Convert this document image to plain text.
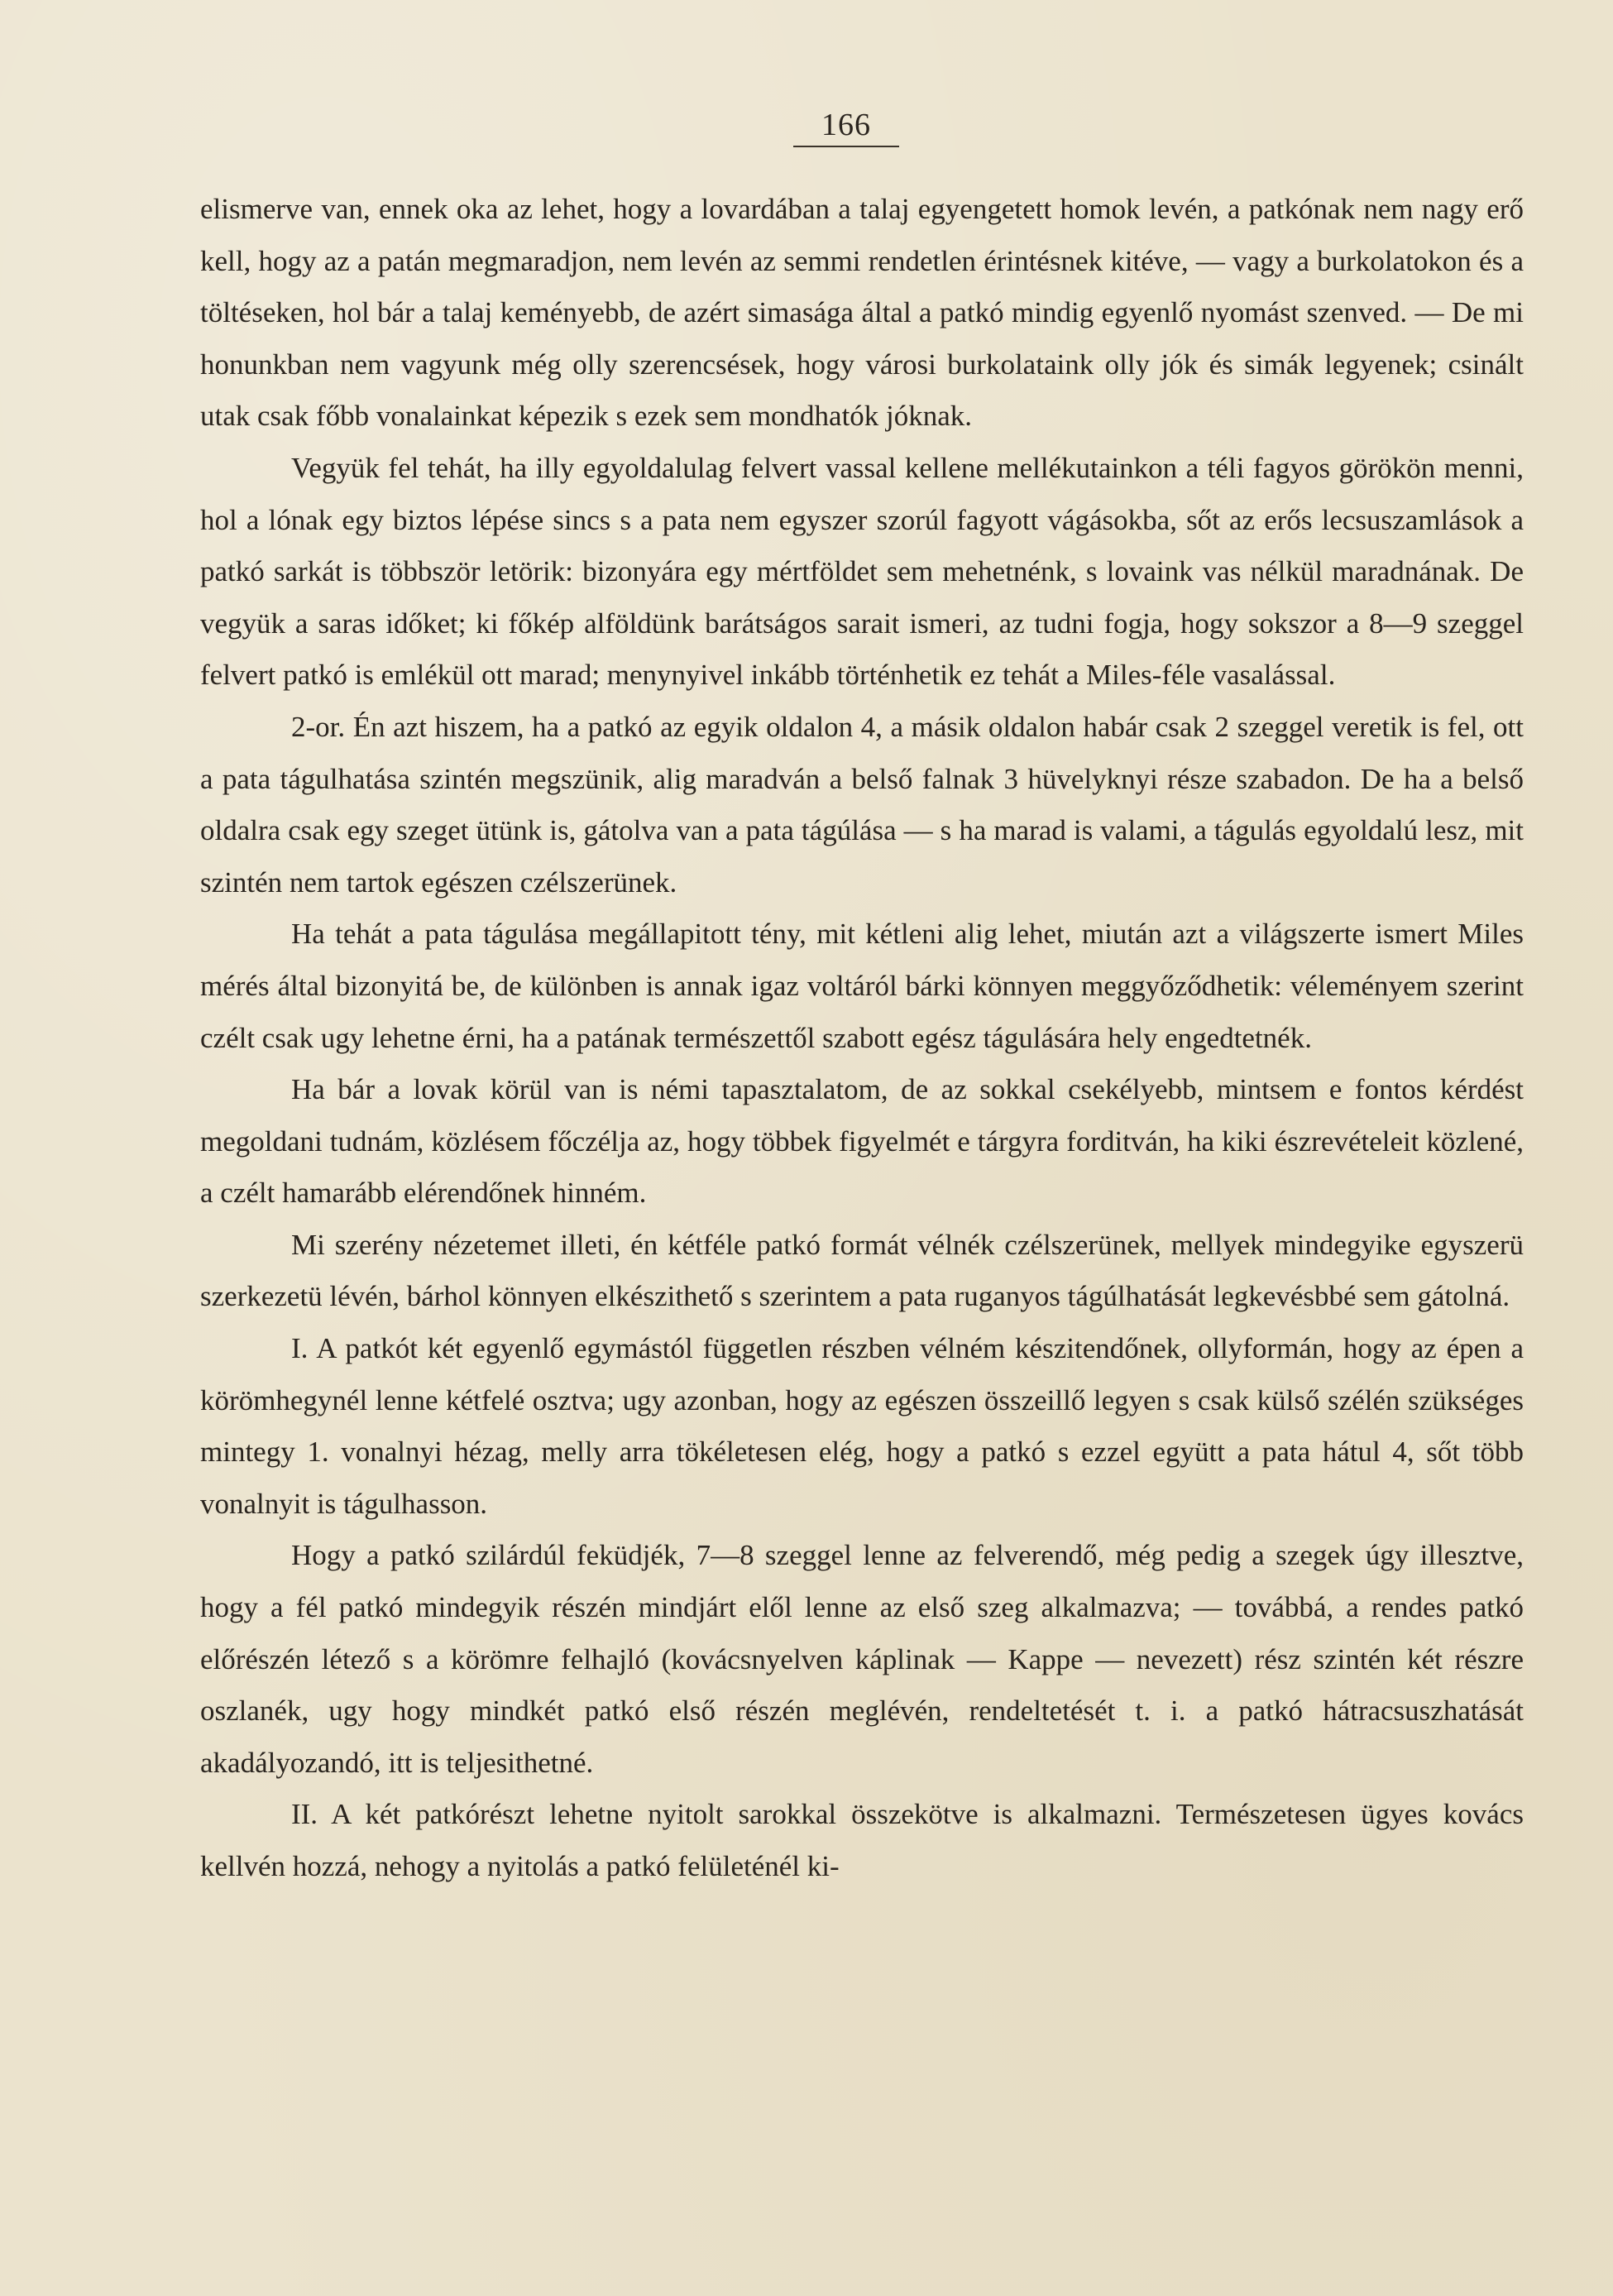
166

elismerve van, ennek oka az lehet, hogy a lovardában a talaj egyengetett homok levén, a patkónak nem nagy erő kell, hogy az a patán megmaradjon, nem levén az semmi rendetlen érintésnek kitéve, — vagy a burkolatokon és a töltéseken, hol bár a talaj keményebb, de azért simasága által a patkó mindig egyenlő nyomást szenved. — De mi honunkban nem vagyunk még olly szerencsések, hogy városi burkolataink olly jók és simák legyenek; csinált utak csak főbb vonalainkat képezik s ezek sem mondhatók jóknak.

Vegyük fel tehát, ha illy egyoldalulag felvert vassal kellene mellékutainkon a téli fagyos görökön menni, hol a lónak egy biztos lépése sincs s a pata nem egyszer szorúl fagyott vágásokba, sőt az erős lecsuszamlások a patkó sarkát is többször letörik: bizonyára egy mértföldet sem mehetnénk, s lovaink vas nélkül maradnának. De vegyük a saras időket; ki főkép alföldünk barátságos sarait ismeri, az tudni fogja, hogy sokszor a 8—9 szeggel felvert patkó is emlékül ott marad; menynyivel inkább történhetik ez tehát a Miles-féle vasalással.

2-or. Én azt hiszem, ha a patkó az egyik oldalon 4, a másik oldalon habár csak 2 szeggel veretik is fel, ott a pata tágulhatása szintén megszünik, alig maradván a belső falnak 3 hüvelyknyi része szabadon. De ha a belső oldalra csak egy szeget ütünk is, gátolva van a pata tágúlása — s ha marad is valami, a tágulás egyoldalú lesz, mit szintén nem tartok egészen czélszerünek.

Ha tehát a pata tágulása megállapitott tény, mit kétleni alig lehet, miután azt a világszerte ismert Miles mérés által bizonyitá be, de különben is annak igaz voltáról bárki könnyen meggyőződhetik: véleményem szerint czélt csak ugy lehetne érni, ha a patának természettől szabott egész tágulására hely engedtetnék.

Ha bár a lovak körül van is némi tapasztalatom, de az sokkal csekélyebb, mintsem e fontos kérdést megoldani tudnám, közlésem főczélja az, hogy többek figyelmét e tárgyra forditván, ha kiki észrevételeit közlené, a czélt hamarább elérendőnek hinném.

Mi szerény nézetemet illeti, én kétféle patkó formát vélnék czélszerünek, mellyek mindegyike egyszerü szerkezetü lévén, bárhol könnyen elkészithető s szerintem a pata ruganyos tágúlhatását legkevésbbé sem gátolná.

I. A patkót két egyenlő egymástól független részben vélném készitendőnek, ollyformán, hogy az épen a körömhegynél lenne kétfelé osztva; ugy azonban, hogy az egészen összeillő legyen s csak külső szélén szükséges mintegy 1. vonalnyi hézag, melly arra tökéletesen elég, hogy a patkó s ezzel együtt a pata hátul 4, sőt több vonalnyit is tágulhasson.

Hogy a patkó szilárdúl feküdjék, 7—8 szeggel lenne az felverendő, még pedig a szegek úgy illesztve, hogy a fél patkó mindegyik részén mindjárt elől lenne az első szeg alkalmazva; — továbbá, a rendes patkó előrészén létező s a körömre felhajló (kovácsnyelven káplinak — Kappe — nevezett) rész szintén két részre oszlanék, ugy hogy mindkét patkó első részén meglévén, rendeltetését t. i. a patkó hátracsuszhatását akadályozandó, itt is teljesithetné.

II. A két patkórészt lehetne nyitolt sarokkal összekötve is alkalmazni. Természetesen ügyes kovács kellvén hozzá, nehogy a nyitolás a patkó felületénél ki-
